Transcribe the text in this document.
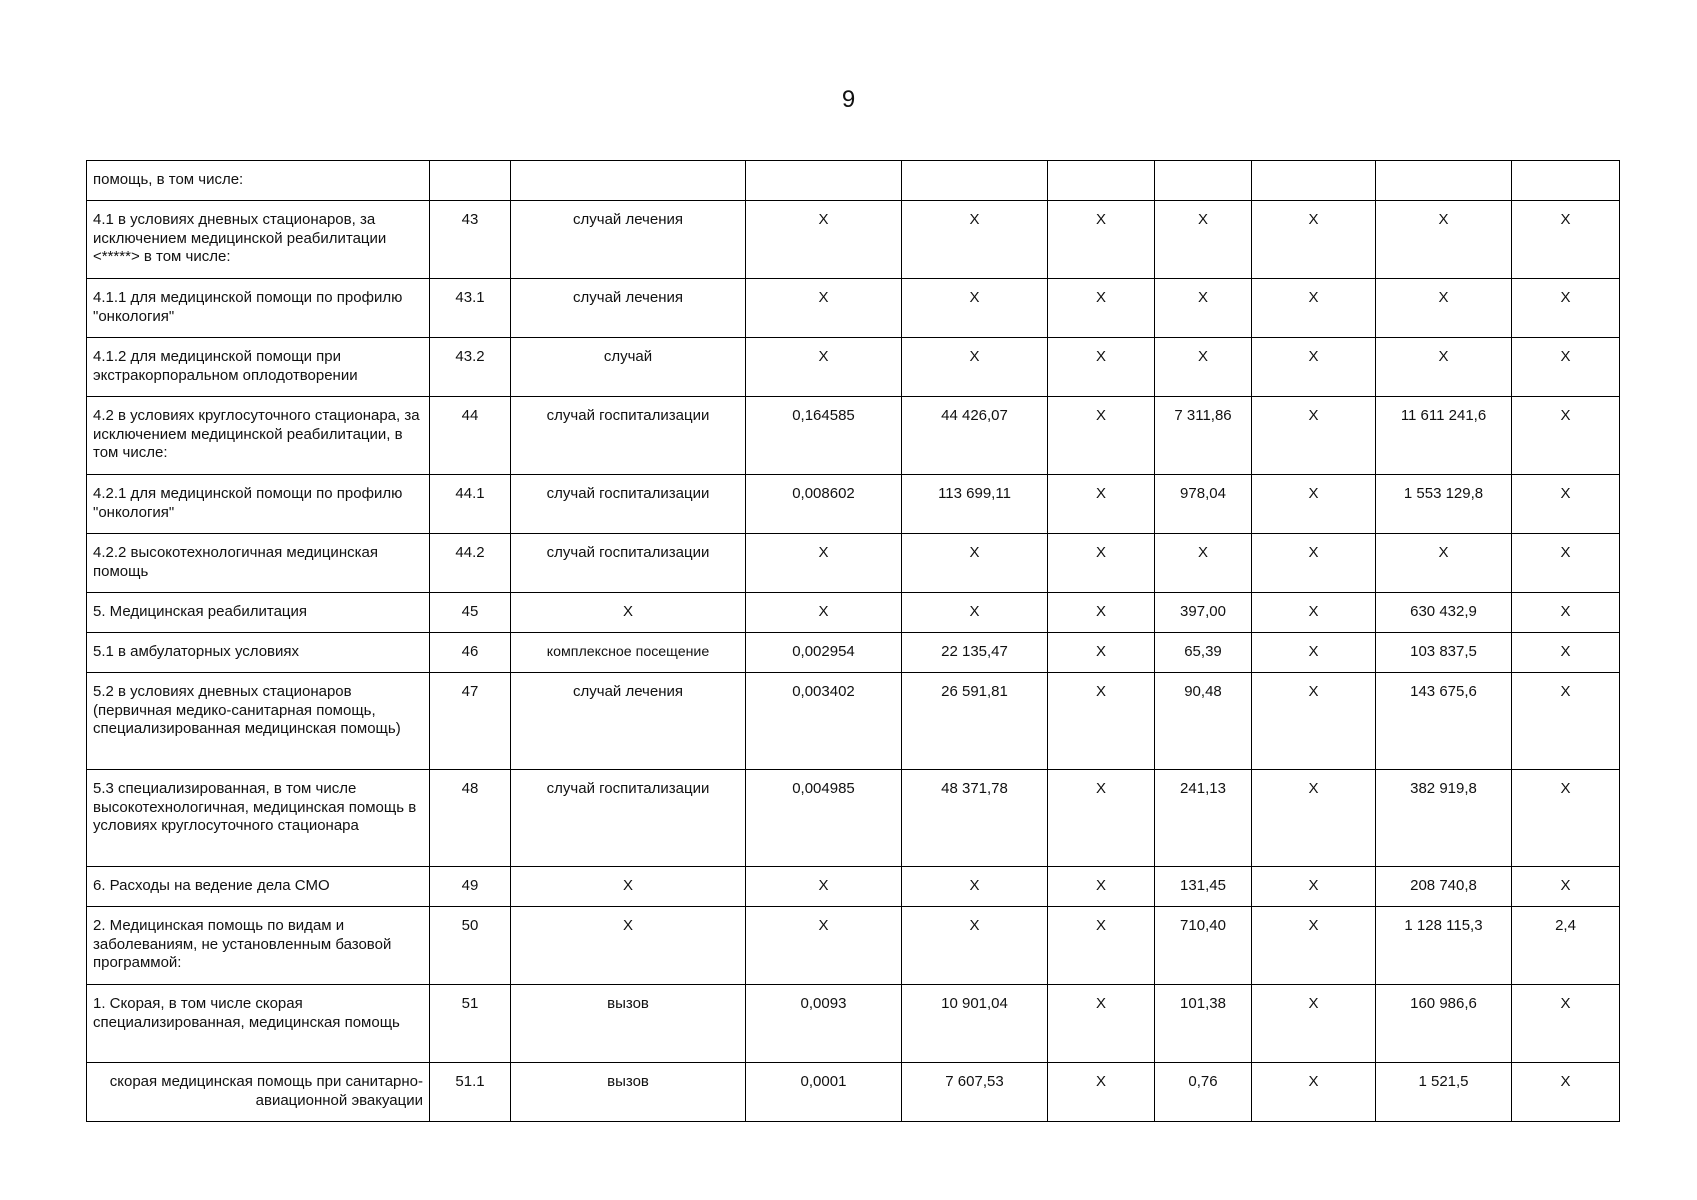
9
помощь, в том числе:									
4.1 в условиях дневных стационаров, за исключением медицинской реабилитации <*****> в том числе:	43	случай лечения	X	X	X	X	X	X	X
4.1.1 для медицинской помощи по профилю "онкология"	43.1	случай лечения	X	X	X	X	X	X	X
4.1.2 для медицинской помощи при экстракорпоральном оплодотворении	43.2	случай	X	X	X	X	X	X	X
4.2 в условиях круглосуточного стационара, за исключением медицинской реабилитации, в том числе:	44	случай госпитализации	0,164585	44 426,07	X	7 311,86	X	11 611 241,6	X
4.2.1 для медицинской помощи по профилю "онкология"	44.1	случай госпитализации	0,008602	113 699,11	X	978,04	X	1 553 129,8	X
4.2.2 высокотехнологичная медицинская помощь	44.2	случай госпитализации	X	X	X	X	X	X	X
5. Медицинская реабилитация	45	X	X	X	X	397,00	X	630 432,9	X
5.1 в амбулаторных условиях	46	комплексное посещение	0,002954	22 135,47	X	65,39	X	103 837,5	X
5.2 в условиях дневных стационаров (первичная медико-санитарная помощь, специализированная медицинская помощь)	47	случай лечения	0,003402	26 591,81	X	90,48	X	143 675,6	X
5.3 специализированная, в том числе высокотехнологичная, медицинская помощь в условиях круглосуточного стационара	48	случай госпитализации	0,004985	48 371,78	X	241,13	X	382 919,8	X
6. Расходы на ведение дела СМО	49	X	X	X	X	131,45	X	208 740,8	X
2. Медицинская помощь по видам и заболеваниям, не установленным базовой программой:	50	X	X	X	X	710,40	X	1 128 115,3	2,4
1. Скорая, в том числе скорая специализированная, медицинская помощь	51	вызов	0,0093	10 901,04	X	101,38	X	160 986,6	X
скорая медицинская помощь при санитарно-авиационной эвакуации	51.1	вызов	0,0001	7 607,53	X	0,76	X	1 521,5	X
